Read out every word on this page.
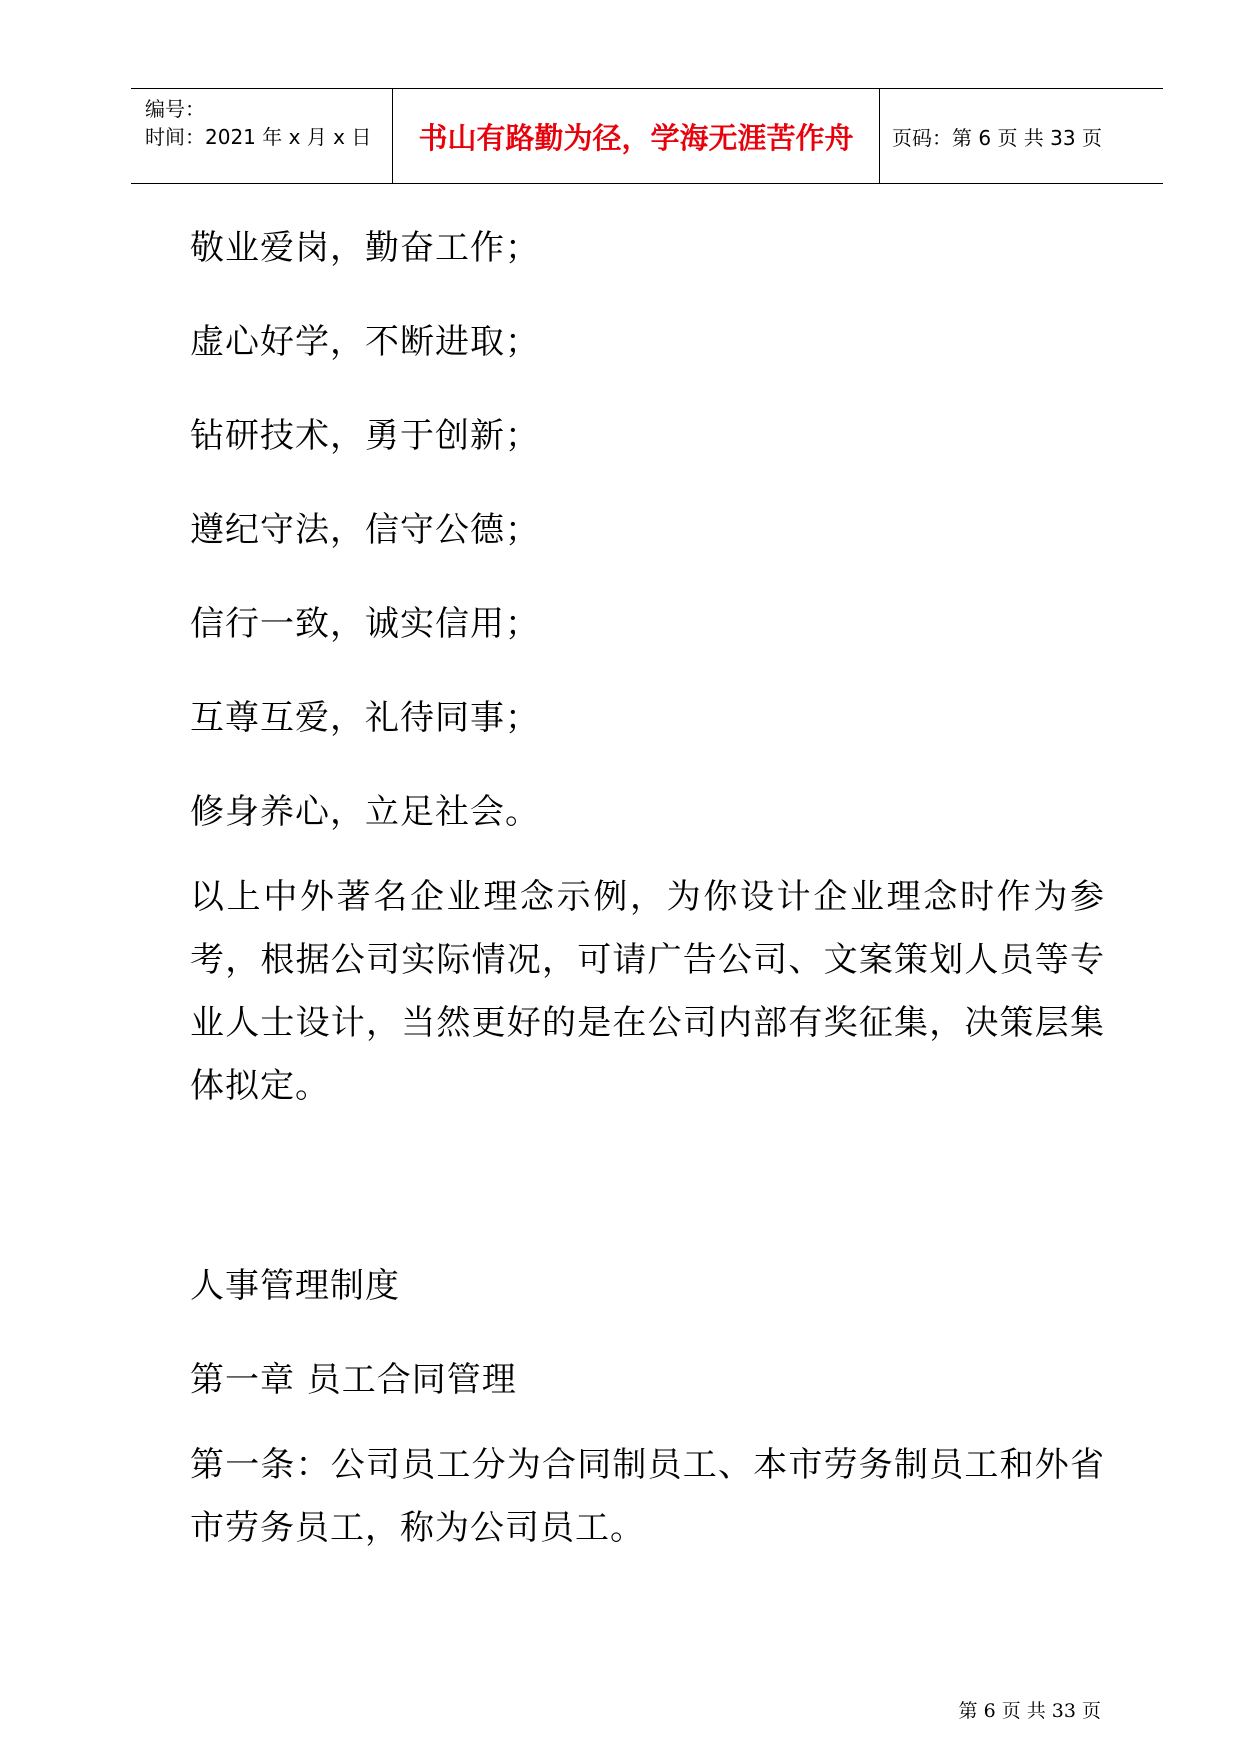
编号：
时间：2021 年 x 月 x 日	书山有路勤为径，学海无涯苦作舟	页码：第 6 页 共 33 页
敬业爱岗，勤奋工作；
虚心好学，不断进取；
钻研技术，勇于创新；
遵纪守法，信守公德；
信行一致，诚实信用；
互尊互爱，礼待同事；
修身养心，立足社会。
以上中外著名企业理念示例，为你设计企业理念时作为参考，根据公司实际情况，可请广告公司、文案策划人员等专业人士设计，当然更好的是在公司内部有奖征集，决策层集体拟定。
人事管理制度
第一章 员工合同管理
第一条：公司员工分为合同制员工、本市劳务制员工和外省市劳务员工，称为公司员工。
第 6 页 共 33 页
